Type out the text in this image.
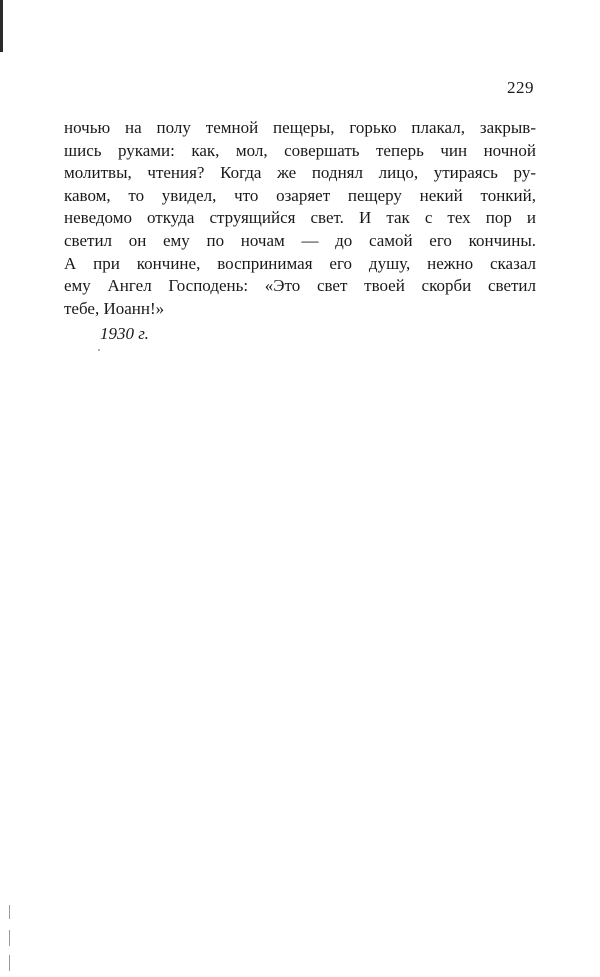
229

ночью на полу темной пещеры, горько плакал, закрыв-
шись руками: как, мол, совершать теперь чин ночной
молитвы, чтения? Когда же поднял лицо, утираясь ру-
кавом, то увидел, что озаряет пещеру некий тонкий,
неведомо откуда струящийся свет. И так с тех пор и
светил он ему по ночам — до самой его кончины.
А при кончине, воспринимая его душу, нежно сказал
ему Ангел Господень: «Это свет твоей скорби светил
тебе, Иоанн!»

1930 г.
